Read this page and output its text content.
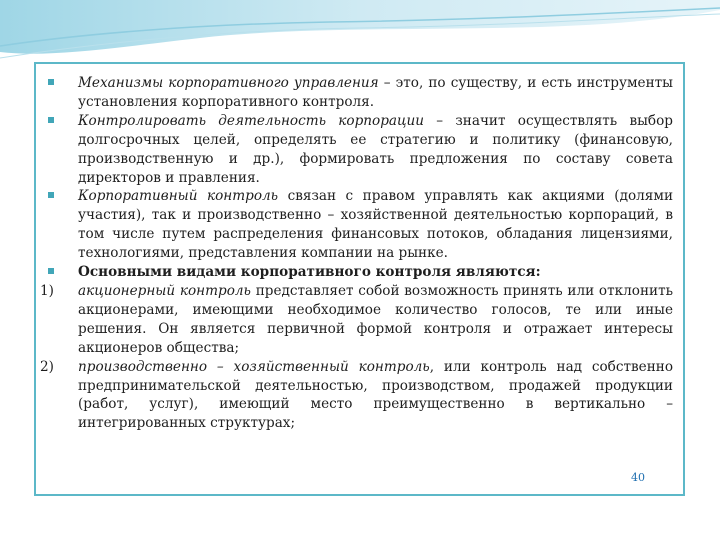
Механизмы корпоративного управления – это, по существу, и есть инструменты установления корпоративного контроля.
Контролировать деятельность корпорации – значит осуществлять выбор долгосрочных целей, определять ее стратегию и политику (финансовую, производственную и др.), формировать предложения по составу совета директоров и правления.
Корпоративный контроль связан с правом управлять как акциями (долями участия), так и производственно – хозяйственной деятельностью корпораций, в том числе путем распределения финансовых потоков, обладания лицензиями, технологиями, представления компании на рынке.
Основными видами корпоративного контроля являются:
1) акционерный контроль представляет собой возможность принять или отклонить акционерами, имеющими необходимое количество голосов, те или иные решения. Он является первичной формой контроля и отражает интересы акционеров общества;
2) производственно – хозяйственный контроль, или контроль над собственно предпринимательской деятельностью, производством, продажей продукции (работ, услуг), имеющий место преимущественно в вертикально – интегрированных структурах;
40
